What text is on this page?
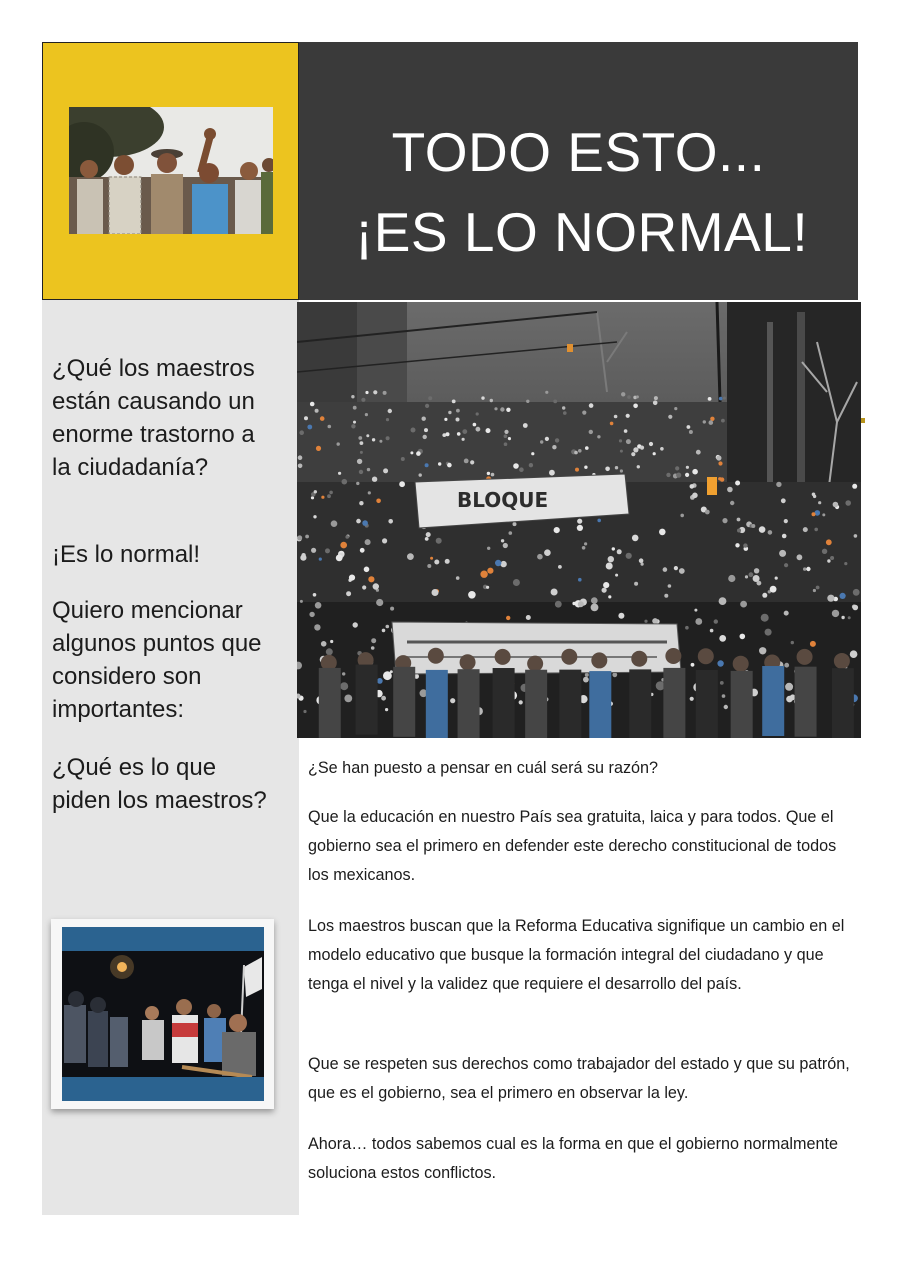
TODO ESTO...
¡ES LO NORMAL!
¿Qué los maestros están causando un enorme trastorno a la ciudadanía?
¡Es lo normal!
Quiero mencionar algunos puntos que considero son importantes:
¿Qué es lo que piden los maestros?
BLOQUE
¿Se han puesto a pensar en cuál será su razón?
Que la educación en nuestro País sea gratuita, laica y para todos. Que el gobierno sea el primero en defender este derecho constitucional de todos los mexicanos.
Los maestros buscan que la Reforma Educativa signifique un cambio en el modelo educativo que busque la formación integral del ciudadano y que tenga el nivel y la validez que requiere el desarrollo del país.
Que se respeten sus derechos como trabajador del estado y que su patrón, que es el gobierno, sea el primero en observar la ley.
Ahora… todos sabemos cual es la forma en que el gobierno normalmente soluciona estos conflictos.
